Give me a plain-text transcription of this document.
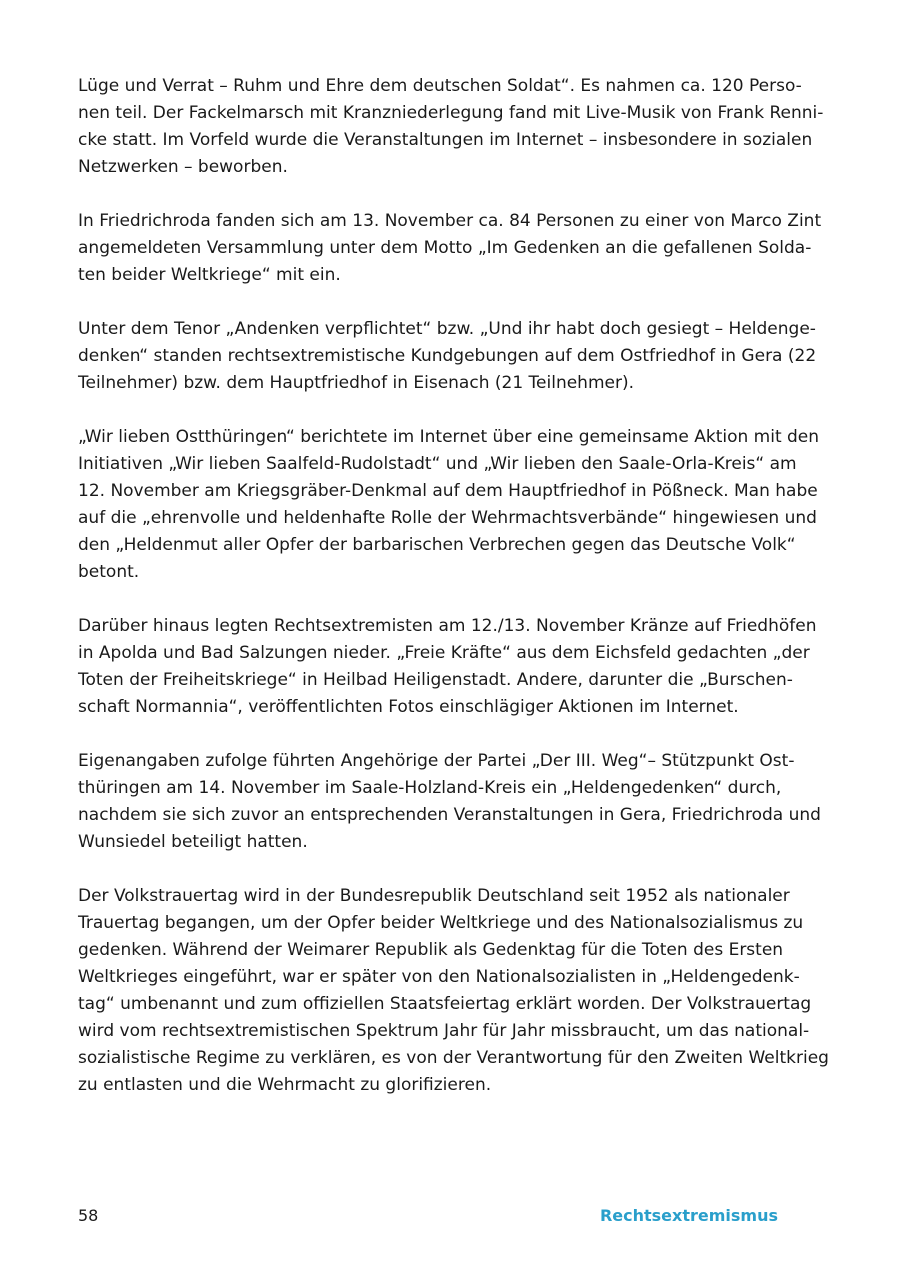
Lüge und Verrat – Ruhm und Ehre dem deutschen Soldat“. Es nahmen ca. 120 Perso-
nen teil. Der Fackelmarsch mit Kranzniederlegung fand mit Live-Musik von Frank Renni-
cke statt. Im Vorfeld wurde die Veranstaltungen im Internet – insbesondere in sozialen
Netzwerken – beworben.

In Friedrichroda fanden sich am 13. November ca. 84 Personen zu einer von Marco Zint
angemeldeten Versammlung unter dem Motto „Im Gedenken an die gefallenen Solda-
ten beider Weltkriege“ mit ein.

Unter dem Tenor „Andenken verpflichtet“ bzw. „Und ihr habt doch gesiegt – Heldenge-
denken“ standen rechtsextremistische Kundgebungen auf dem Ostfriedhof in Gera (22
Teilnehmer) bzw. dem Hauptfriedhof in Eisenach (21 Teilnehmer).

„Wir lieben Ostthüringen“ berichtete im Internet über eine gemeinsame Aktion mit den
Initiativen „Wir lieben Saalfeld-Rudolstadt“ und „Wir lieben den Saale-Orla-Kreis“ am
12. November am Kriegsgräber-Denkmal auf dem Hauptfriedhof in Pößneck. Man habe
auf die „ehrenvolle und heldenhafte Rolle der Wehrmachtsverbände“ hingewiesen und
den „Heldenmut aller Opfer der barbarischen Verbrechen gegen das Deutsche Volk“
betont.

Darüber hinaus legten Rechtsextremisten am 12./13. November Kränze auf Friedhöfen
in Apolda und Bad Salzungen nieder. „Freie Kräfte“ aus dem Eichsfeld gedachten „der
Toten der Freiheitskriege“ in Heilbad Heiligenstadt. Andere, darunter die „Burschen-
schaft Normannia“, veröffentlichten Fotos einschlägiger Aktionen im Internet.

Eigenangaben zufolge führten Angehörige der Partei „Der III. Weg“– Stützpunkt Ost-
thüringen am 14. November im Saale-Holzland-Kreis ein „Heldengedenken“ durch,
nachdem sie sich zuvor an entsprechenden Veranstaltungen in Gera, Friedrichroda und
Wunsiedel beteiligt hatten.

Der Volkstrauertag wird in der Bundesrepublik Deutschland seit 1952 als nationaler
Trauertag begangen, um der Opfer beider Weltkriege und des Nationalsozialismus zu
gedenken. Während der Weimarer Republik als Gedenktag für die Toten des Ersten
Weltkrieges eingeführt, war er später von den Nationalsozialisten in „Heldengedenk-
tag“ umbenannt und zum offiziellen Staatsfeiertag erklärt worden. Der Volkstrauertag
wird vom rechtsextremistischen Spektrum Jahr für Jahr missbraucht, um das national-
sozialistische Regime zu verklären, es von der Verantwortung für den Zweiten Weltkrieg
zu entlasten und die Wehrmacht zu glorifizieren.

58	Rechtsextremismus
